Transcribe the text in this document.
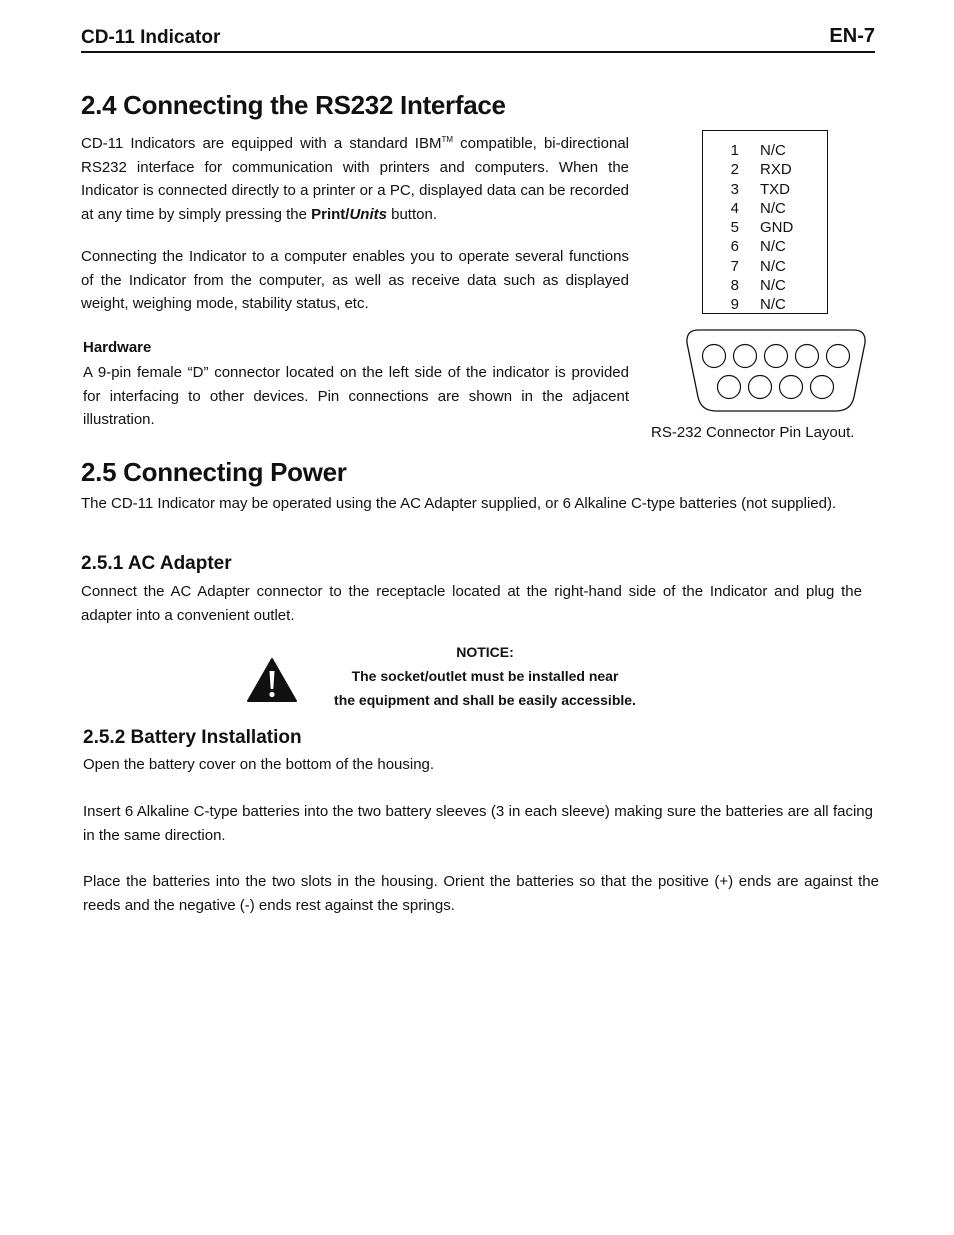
CD-11 Indicator	EN-7
2.4 Connecting the RS232 Interface

CD-11 Indicators are equipped with a standard IBM™ compatible, bi-directional RS232 interface for communication with printers and computers. When the Indicator is connected directly to a printer or a PC, displayed data can be recorded at any time by simply pressing the Print/Units button.

Connecting the Indicator to a computer enables you to operate several functions of the Indicator from the computer, as well as receive data such as displayed weight, weighing mode, stability status, etc.

Hardware

A 9-pin female “D” connector located on the left side of the indicator is provided for interfacing to other devices. Pin connections are shown in the adjacent illustration.

1 N/C
2 RXD
3 TXD
4 N/C
5 GND
6 N/C
7 N/C
8 N/C
9 N/C
RS-232 Connector Pin Layout.
2.5 Connecting Power

The CD-11 Indicator may be operated using the AC Adapter supplied, or 6 Alkaline C-type batteries (not supplied).

2.5.1 AC Adapter

Connect the AC Adapter connector to the receptacle located at the right-hand side of the Indicator and plug the adapter into a convenient outlet.

NOTICE:
The socket/outlet must be installed near
the equipment and shall be easily accessible.
2.5.2 Battery Installation

Open the battery cover on the bottom of the housing.

Insert 6 Alkaline C-type batteries into the two battery sleeves (3 in each sleeve) making sure the batteries are all facing in the same direction.

Place the batteries into the two slots in the housing. Orient the batteries so that the positive (+) ends are against the reeds and the negative (-) ends rest against the springs.
